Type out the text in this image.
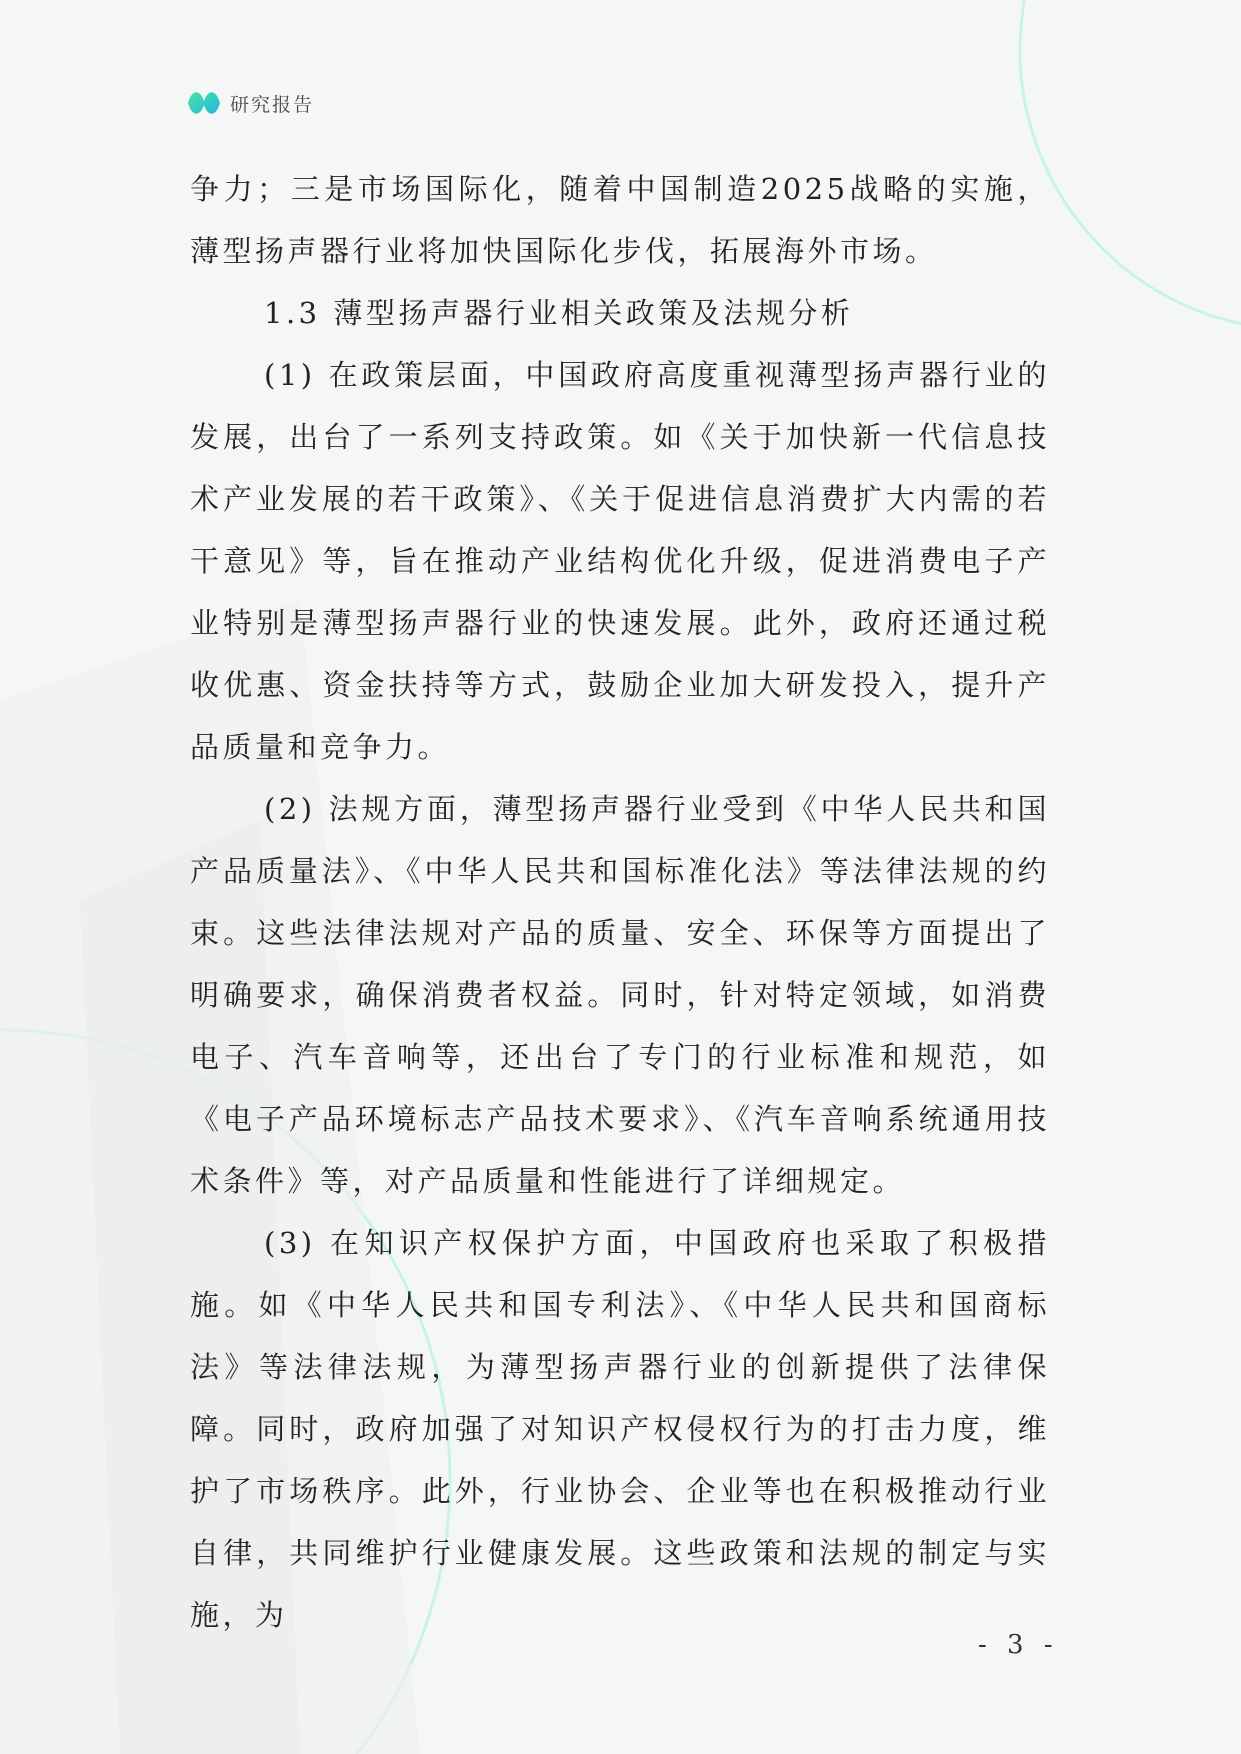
研究报告

争力；三是市场国际化，随着中国制造2025战略的实施，薄型扬声器行业将加快国际化步伐，拓展海外市场。

1.3 薄型扬声器行业相关政策及法规分析

(1) 在政策层面，中国政府高度重视薄型扬声器行业的发展，出台了一系列支持政策。如《关于加快新一代信息技术产业发展的若干政策》、《关于促进信息消费扩大内需的若干意见》等，旨在推动产业结构优化升级，促进消费电子产业特别是薄型扬声器行业的快速发展。此外，政府还通过税收优惠、资金扶持等方式，鼓励企业加大研发投入，提升产品质量和竞争力。

(2) 法规方面，薄型扬声器行业受到《中华人民共和国产品质量法》、《中华人民共和国标准化法》等法律法规的约束。这些法律法规对产品的质量、安全、环保等方面提出了明确要求，确保消费者权益。同时，针对特定领域，如消费电子、汽车音响等，还出台了专门的行业标准和规范，如《电子产品环境标志产品技术要求》、《汽车音响系统通用技术条件》等，对产品质量和性能进行了详细规定。

(3) 在知识产权保护方面，中国政府也采取了积极措施。如《中华人民共和国专利法》、《中华人民共和国商标法》等法律法规，为薄型扬声器行业的创新提供了法律保障。同时，政府加强了对知识产权侵权行为的打击力度，维护了市场秩序。此外，行业协会、企业等也在积极推动行业自律，共同维护行业健康发展。这些政策和法规的制定与实施，为

- 3 -
